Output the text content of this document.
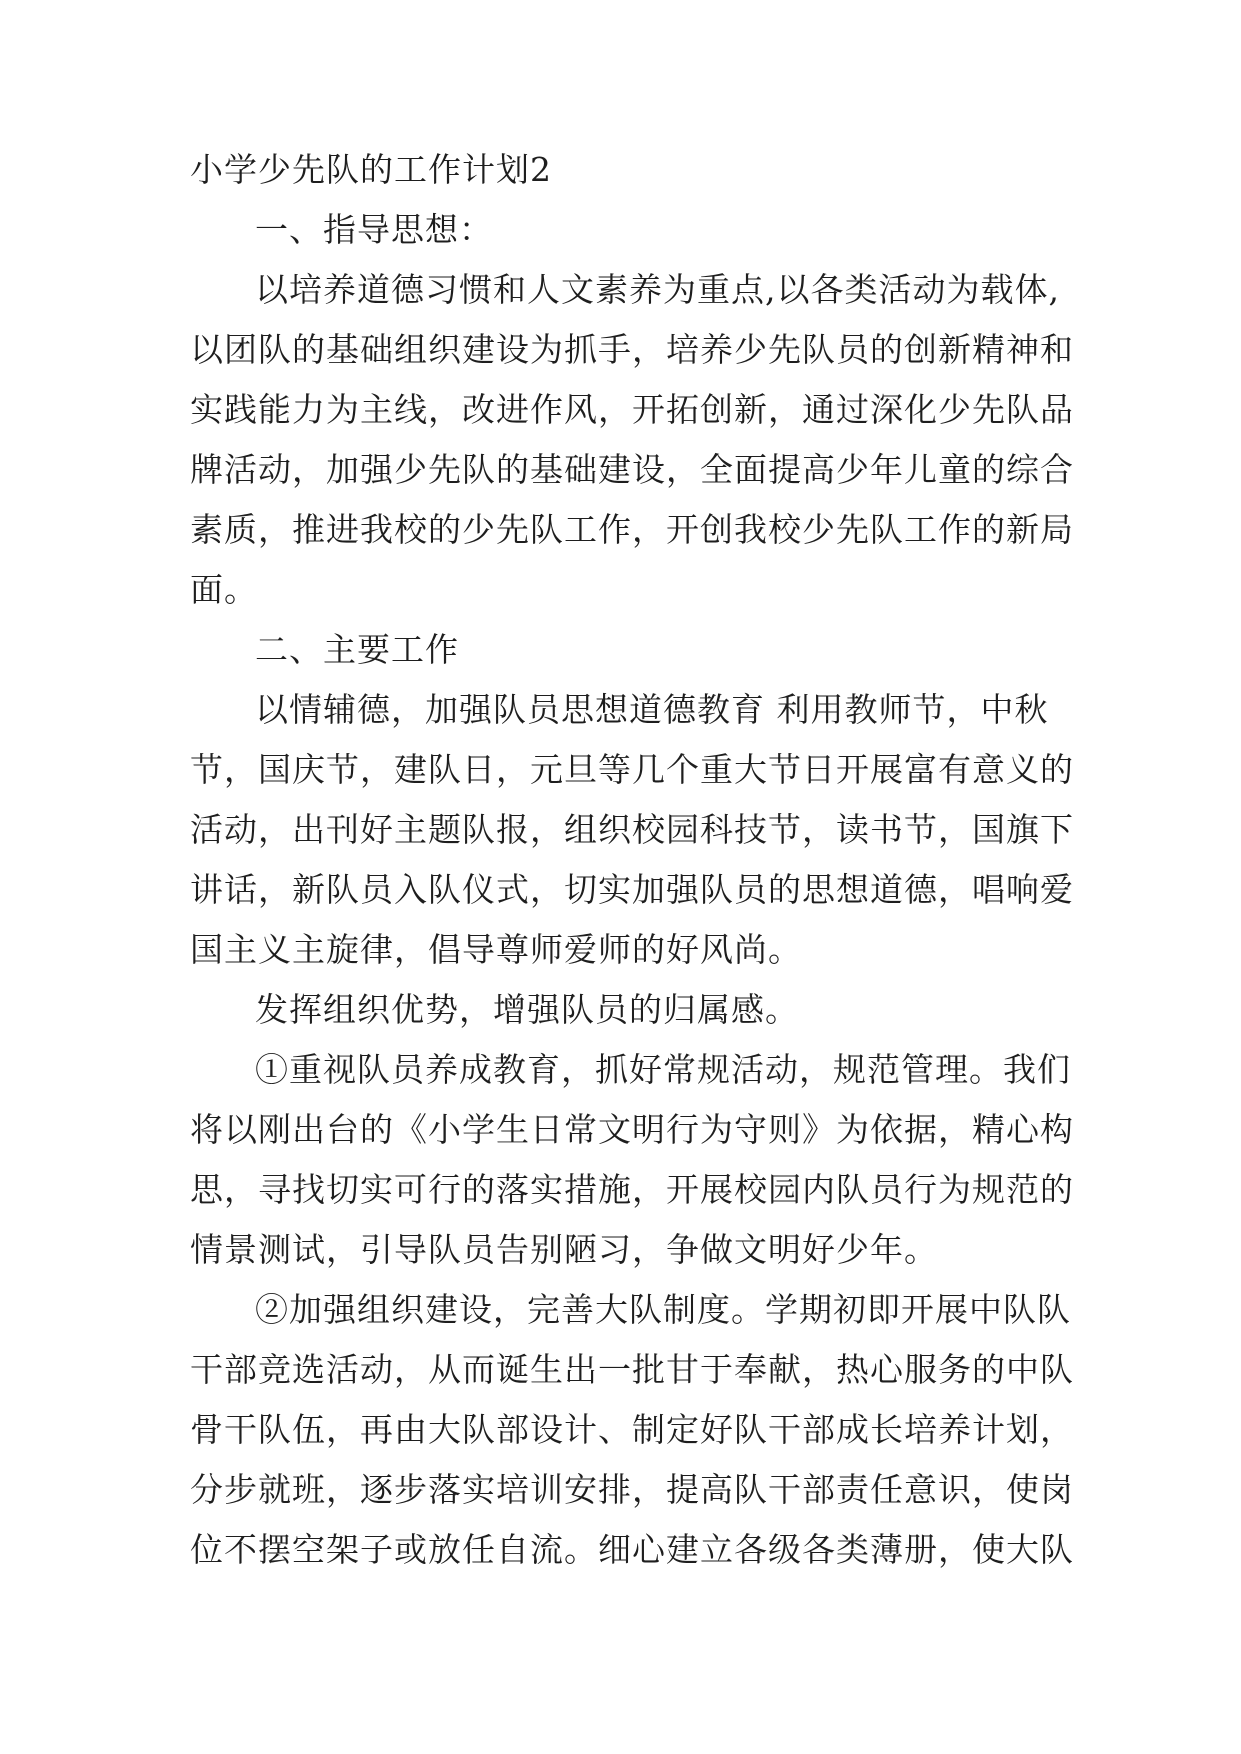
小学少先队的工作计划2
一、指导思想：
以培养道德习惯和人文素养为重点,以各类活动为载体,
以团队的基础组织建设为抓手，培养少先队员的创新精神和
实践能力为主线，改进作风，开拓创新，通过深化少先队品
牌活动，加强少先队的基础建设，全面提高少年儿童的综合
素质，推进我校的少先队工作，开创我校少先队工作的新局
面。
二、主要工作
以情辅德，加强队员思想道德教育 利用教师节，中秋
节，国庆节，建队日，元旦等几个重大节日开展富有意义的
活动，出刊好主题队报，组织校园科技节，读书节，国旗下
讲话，新队员入队仪式，切实加强队员的思想道德，唱响爱
国主义主旋律，倡导尊师爱师的好风尚。
发挥组织优势，增强队员的归属感。
①重视队员养成教育，抓好常规活动，规范管理。我们
将以刚出台的《小学生日常文明行为守则》为依据，精心构
思，寻找切实可行的落实措施，开展校园内队员行为规范的
情景测试，引导队员告别陋习，争做文明好少年。
②加强组织建设，完善大队制度。学期初即开展中队队
干部竞选活动，从而诞生出一批甘于奉献，热心服务的中队
骨干队伍，再由大队部设计、制定好队干部成长培养计划，
分步就班，逐步落实培训安排，提高队干部责任意识，使岗
位不摆空架子或放任自流。细心建立各级各类薄册，使大队
